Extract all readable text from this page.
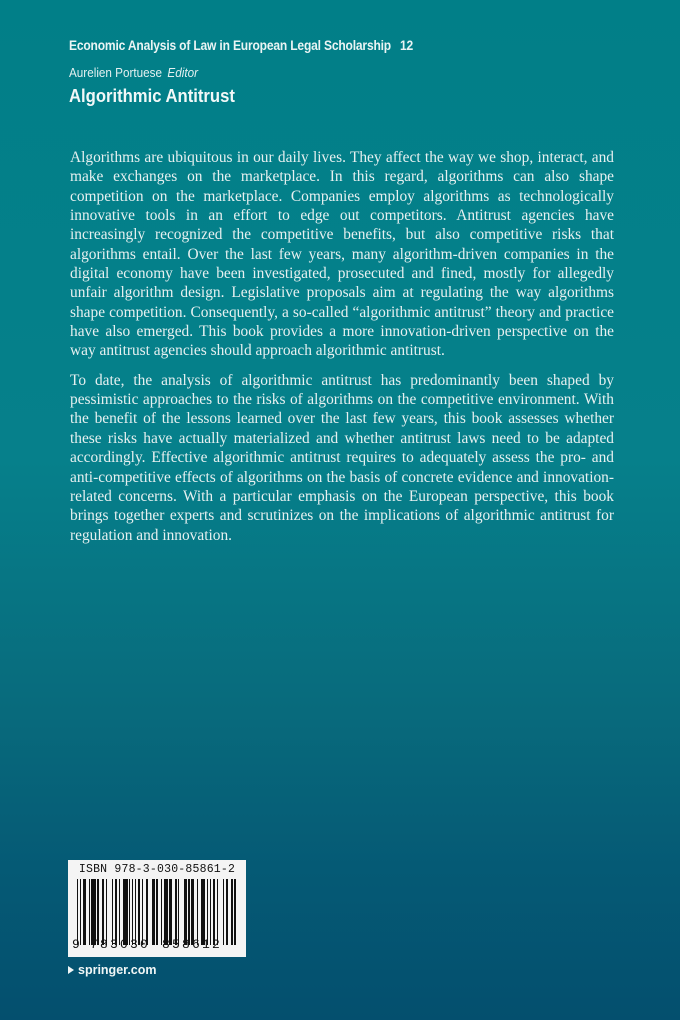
Economic Analysis of Law in European Legal Scholarship 12
Aurelien Portuese Editor
Algorithmic Antitrust

Algorithms are ubiquitous in our daily lives. They affect the way we shop, interact, and make exchanges on the marketplace. In this regard, algorithms can also shape competition on the marketplace. Companies employ algorithms as technologically innovative tools in an effort to edge out competitors. Antitrust agencies have increasingly recognized the competitive benefits, but also competitive risks that algorithms entail. Over the last few years, many algorithm-driven companies in the digital economy have been investigated, prosecuted and fined, mostly for allegedly unfair algorithm design. Legislative proposals aim at regulating the way algorithms shape competition. Consequently, a so-called “algorithmic antitrust” theory and practice have also emerged. This book provides a more innovation-driven perspective on the way antitrust agencies should approach algorithmic antitrust.

To date, the analysis of algorithmic antitrust has predominantly been shaped by pessimistic approaches to the risks of algorithms on the competitive environment. With the benefit of the lessons learned over the last few years, this book assesses whether these risks have actually materialized and whether antitrust laws need to be adapted accordingly. Effective algorithmic antitrust requires to adequately assess the pro- and anti-competitive effects of algorithms on the basis of concrete evidence and innovation-related concerns. With a particular emphasis on the European perspective, this book brings together experts and scrutinizes on the implications of algorithmic antitrust for regulation and innovation.

ISBN 978-3-030-85861-2
9 783030 858612
springer.com
